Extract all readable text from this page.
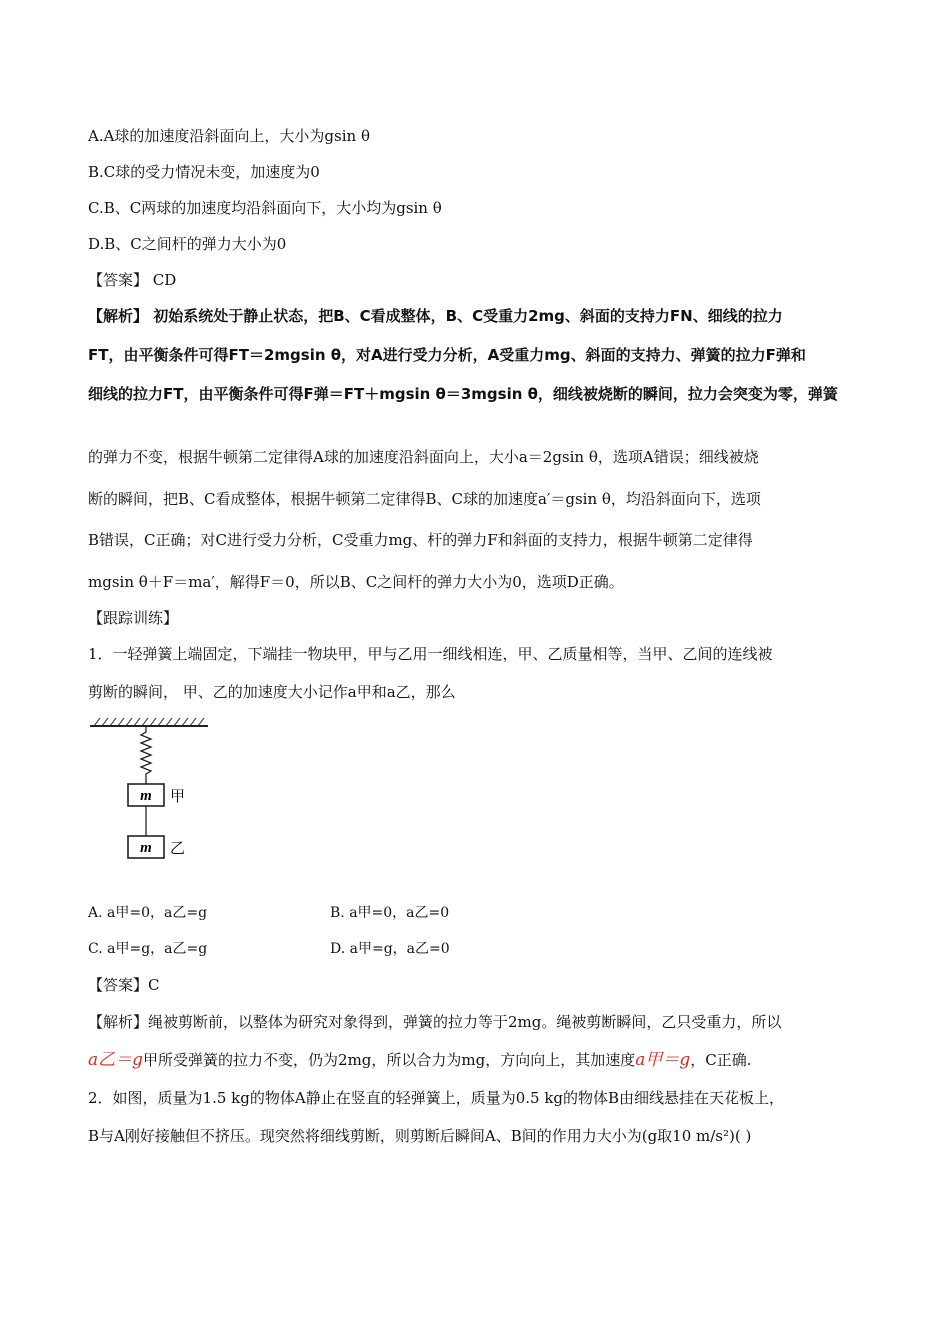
A.A球的加速度沿斜面向上，大小为gsin θ
B.C球的受力情况未变，加速度为0
C.B、C两球的加速度均沿斜面向下，大小均为gsin θ
D.B、C之间杆的弹力大小为0
【答案】 CD
【解析】 初始系统处于静止状态，把B、C看成整体，B、C受重力2mg、斜面的支持力FN、细线的拉力
FT，由平衡条件可得FT＝2mgsin θ，对A进行受力分析，A受重力mg、斜面的支持力、弹簧的拉力F弹和
细线的拉力FT，由平衡条件可得F弹＝FT＋mgsin θ＝3mgsin θ，细线被烧断的瞬间，拉力会突变为零，弹簧
的弹力不变，根据牛顿第二定律得A球的加速度沿斜面向上，大小a＝2gsin θ，选项A错误；细线被烧
断的瞬间，把B、C看成整体，根据牛顿第二定律得B、C球的加速度a′＝gsin θ，均沿斜面向下，选项
B错误，C正确；对C进行受力分析，C受重力mg、杆的弹力F和斜面的支持力，根据牛顿第二定律得
mgsin θ＋F＝ma′，解得F＝0，所以B、C之间杆的弹力大小为0，选项D正确。
【跟踪训练】
1．一轻弹簧上端固定，下端挂一物块甲，甲与乙用一细线相连，甲、乙质量相等，当甲、乙间的连线被
剪断的瞬间， 甲、乙的加速度大小记作a甲和a乙，那么
m 甲
m 乙
A. a甲=0，a乙=g	B. a甲=0，a乙=0
C. a甲=g，a乙=g	D. a甲=g，a乙=0
【答案】C
【解析】绳被剪断前，以整体为研究对象得到，弹簧的拉力等于2mg。绳被剪断瞬间，乙只受重力，所以
a乙＝g甲所受弹簧的拉力不变，仍为2mg，所以合力为mg，方向向上，其加速度a甲＝g，C正确.
2．如图，质量为1.5 kg的物体A静止在竖直的轻弹簧上，质量为0.5 kg的物体B由细线悬挂在天花板上，
B与A刚好接触但不挤压。现突然将细线剪断，则剪断后瞬间A、B间的作用力大小为(g取10 m/s²)( )
